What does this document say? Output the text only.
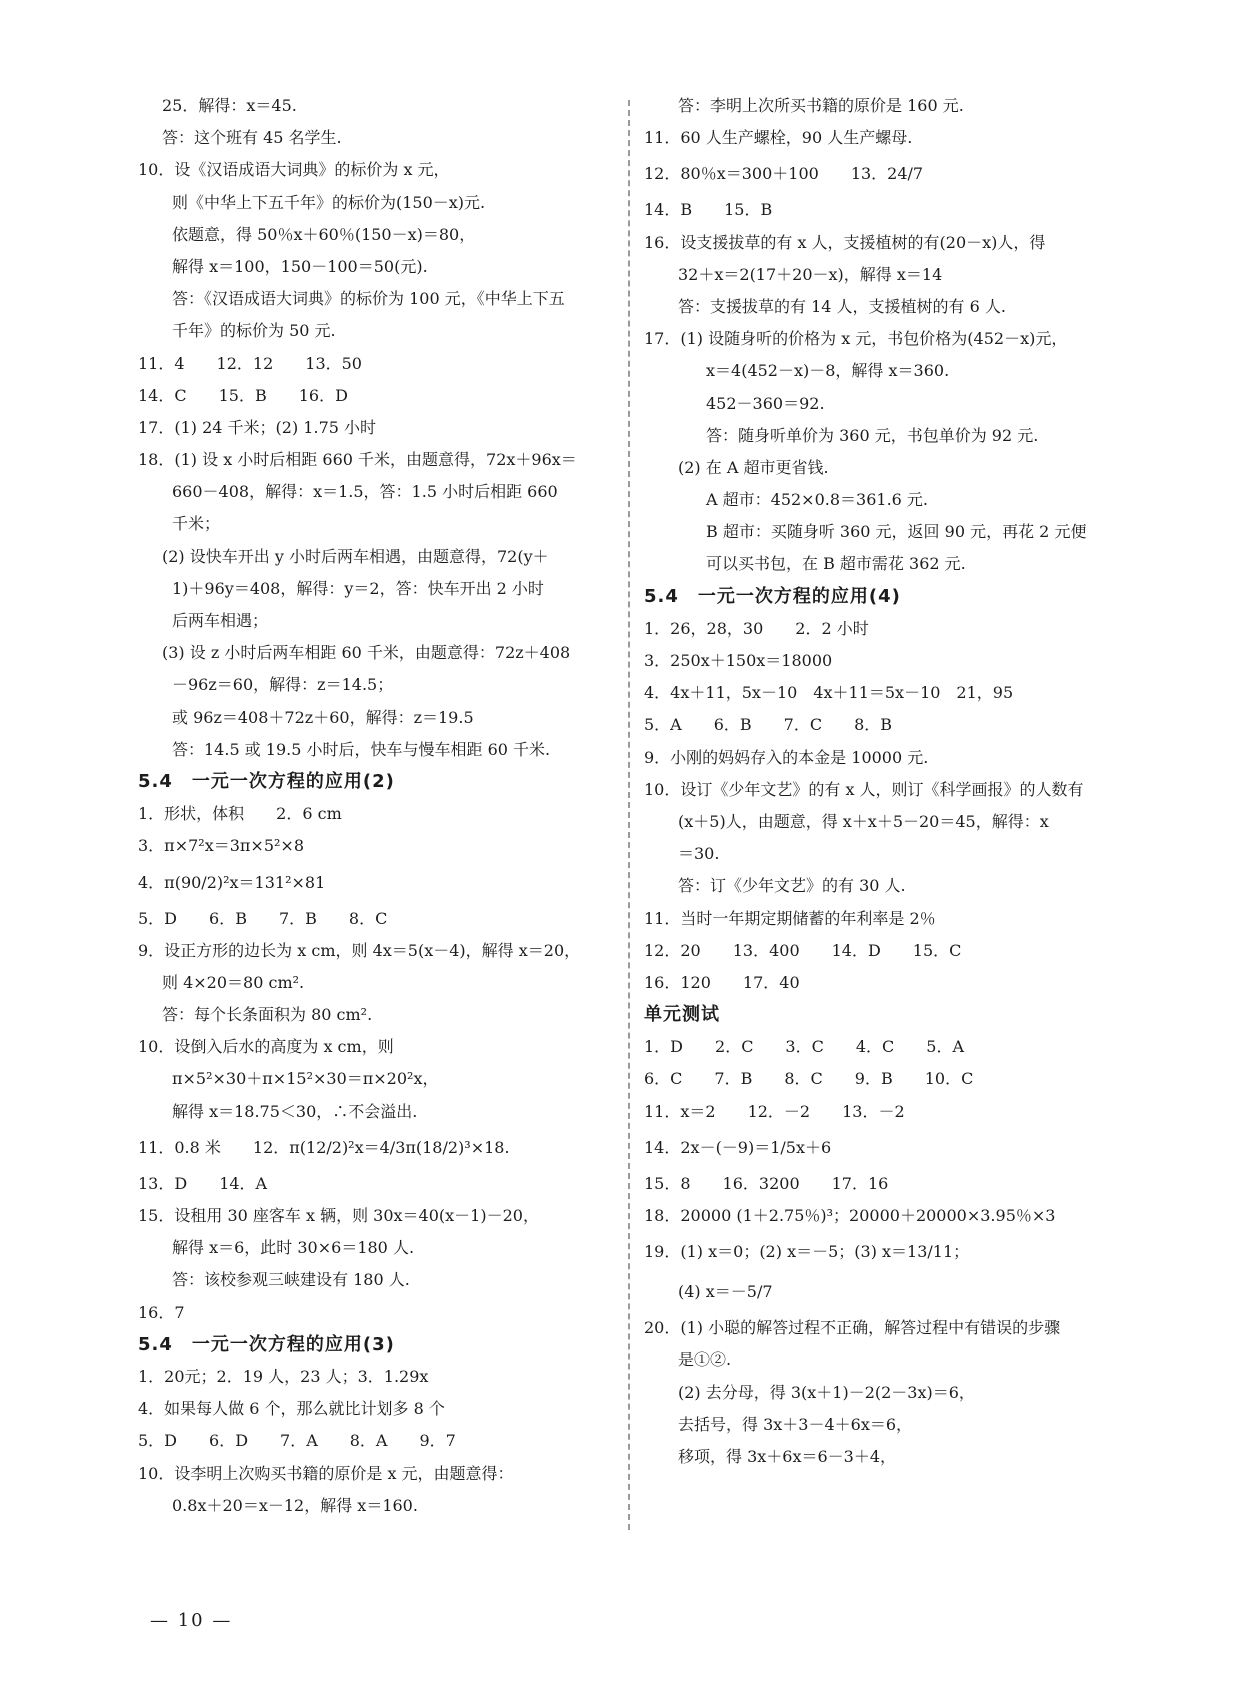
25．解得：x＝45.
答：这个班有 45 名学生.
10．设《汉语成语大词典》的标价为 x 元，
则《中华上下五千年》的标价为(150－x)元.
依题意，得 50％x＋60％(150－x)＝80，
解得 x＝100，150－100＝50(元).
答：《汉语成语大词典》的标价为 100 元，《中华上下五
千年》的标价为 50 元.
11．4　　12．12　　13．50
14．C　　15．B　　16．D
17．(1) 24 千米；(2) 1.75 小时
18．(1) 设 x 小时后相距 660 千米，由题意得，72x＋96x＝
660－408，解得：x＝1.5，答：1.5 小时后相距 660
千米；
(2) 设快车开出 y 小时后两车相遇，由题意得，72(y＋
1)＋96y＝408，解得：y＝2，答：快车开出 2 小时
后两车相遇；
(3) 设 z 小时后两车相距 60 千米，由题意得：72z＋408
－96z＝60，解得：z＝14.5；
或 96z＝408＋72z＋60，解得：z＝19.5
答：14.5 或 19.5 小时后，快车与慢车相距 60 千米.
5.4　一元一次方程的应用(2)
1．形状，体积　　2．6 cm
3．π×7²x＝3π×5²×8
4．π(90/2)²x＝131²×81
5．D　　6．B　　7．B　　8．C
9．设正方形的边长为 x cm，则 4x＝5(x－4)，解得 x＝20，
则 4×20＝80 cm².
答：每个长条面积为 80 cm².
10．设倒入后水的高度为 x cm，则
π×5²×30＋π×15²×30＝π×20²x，
解得 x＝18.75＜30，∴不会溢出.
11．0.8 米　　12．π(12/2)²x＝4/3π(18/2)³×18.
13．D　　14．A
15．设租用 30 座客车 x 辆，则 30x＝40(x－1)－20，
解得 x＝6，此时 30×6＝180 人.
答：该校参观三峡建设有 180 人.
16．7
5.4　一元一次方程的应用(3)
1．20元；2．19 人，23 人；3．1.29x
4．如果每人做 6 个，那么就比计划多 8 个
5．D　　6．D　　7．A　　8．A　　9．7
10．设李明上次购买书籍的原价是 x 元，由题意得：
0.8x＋20＝x－12，解得 x＝160.
答：李明上次所买书籍的原价是 160 元.
11．60 人生产螺栓，90 人生产螺母.
12．80％x＝300＋100　　13．24/7
14．B　　15．B
16．设支援拔草的有 x 人，支援植树的有(20－x)人，得
32＋x＝2(17＋20－x)，解得 x＝14
答：支援拔草的有 14 人，支援植树的有 6 人.
17．(1) 设随身听的价格为 x 元，书包价格为(452－x)元，
x＝4(452－x)－8，解得 x＝360.
452－360＝92.
答：随身听单价为 360 元，书包单价为 92 元.
(2) 在 A 超市更省钱.
A 超市：452×0.8＝361.6 元.
B 超市：买随身听 360 元，返回 90 元，再花 2 元便
可以买书包，在 B 超市需花 362 元.
5.4　一元一次方程的应用(4)
1．26，28，30　　2．2 小时
3．250x＋150x＝18000
4．4x＋11，5x－10　4x＋11＝5x－10　21，95
5．A　　6．B　　7．C　　8．B
9．小刚的妈妈存入的本金是 10000 元.
10．设订《少年文艺》的有 x 人，则订《科学画报》的人数有
(x＋5)人，由题意，得 x＋x＋5－20＝45，解得：x
＝30.
答：订《少年文艺》的有 30 人.
11．当时一年期定期储蓄的年利率是 2％
12．20　　13．400　　14．D　　15．C
16．120　　17．40
单元测试
1．D　　2．C　　3．C　　4．C　　5．A
6．C　　7．B　　8．C　　9．B　　10．C
11．x＝2　　12．－2　　13．－2
14．2x－(－9)＝1/5x＋6
15．8　　16．3200　　17．16
18．20000 (1＋2.75％)³；20000＋20000×3.95％×3
19．(1) x＝0；(2) x＝－5；(3) x＝13/11；
(4) x＝－5/7
20．(1) 小聪的解答过程不正确，解答过程中有错误的步骤
是①②.
(2) 去分母，得 3(x＋1)－2(2－3x)＝6，
去括号，得 3x＋3－4＋6x＝6，
移项，得 3x＋6x＝6－3＋4，
— 10 —
